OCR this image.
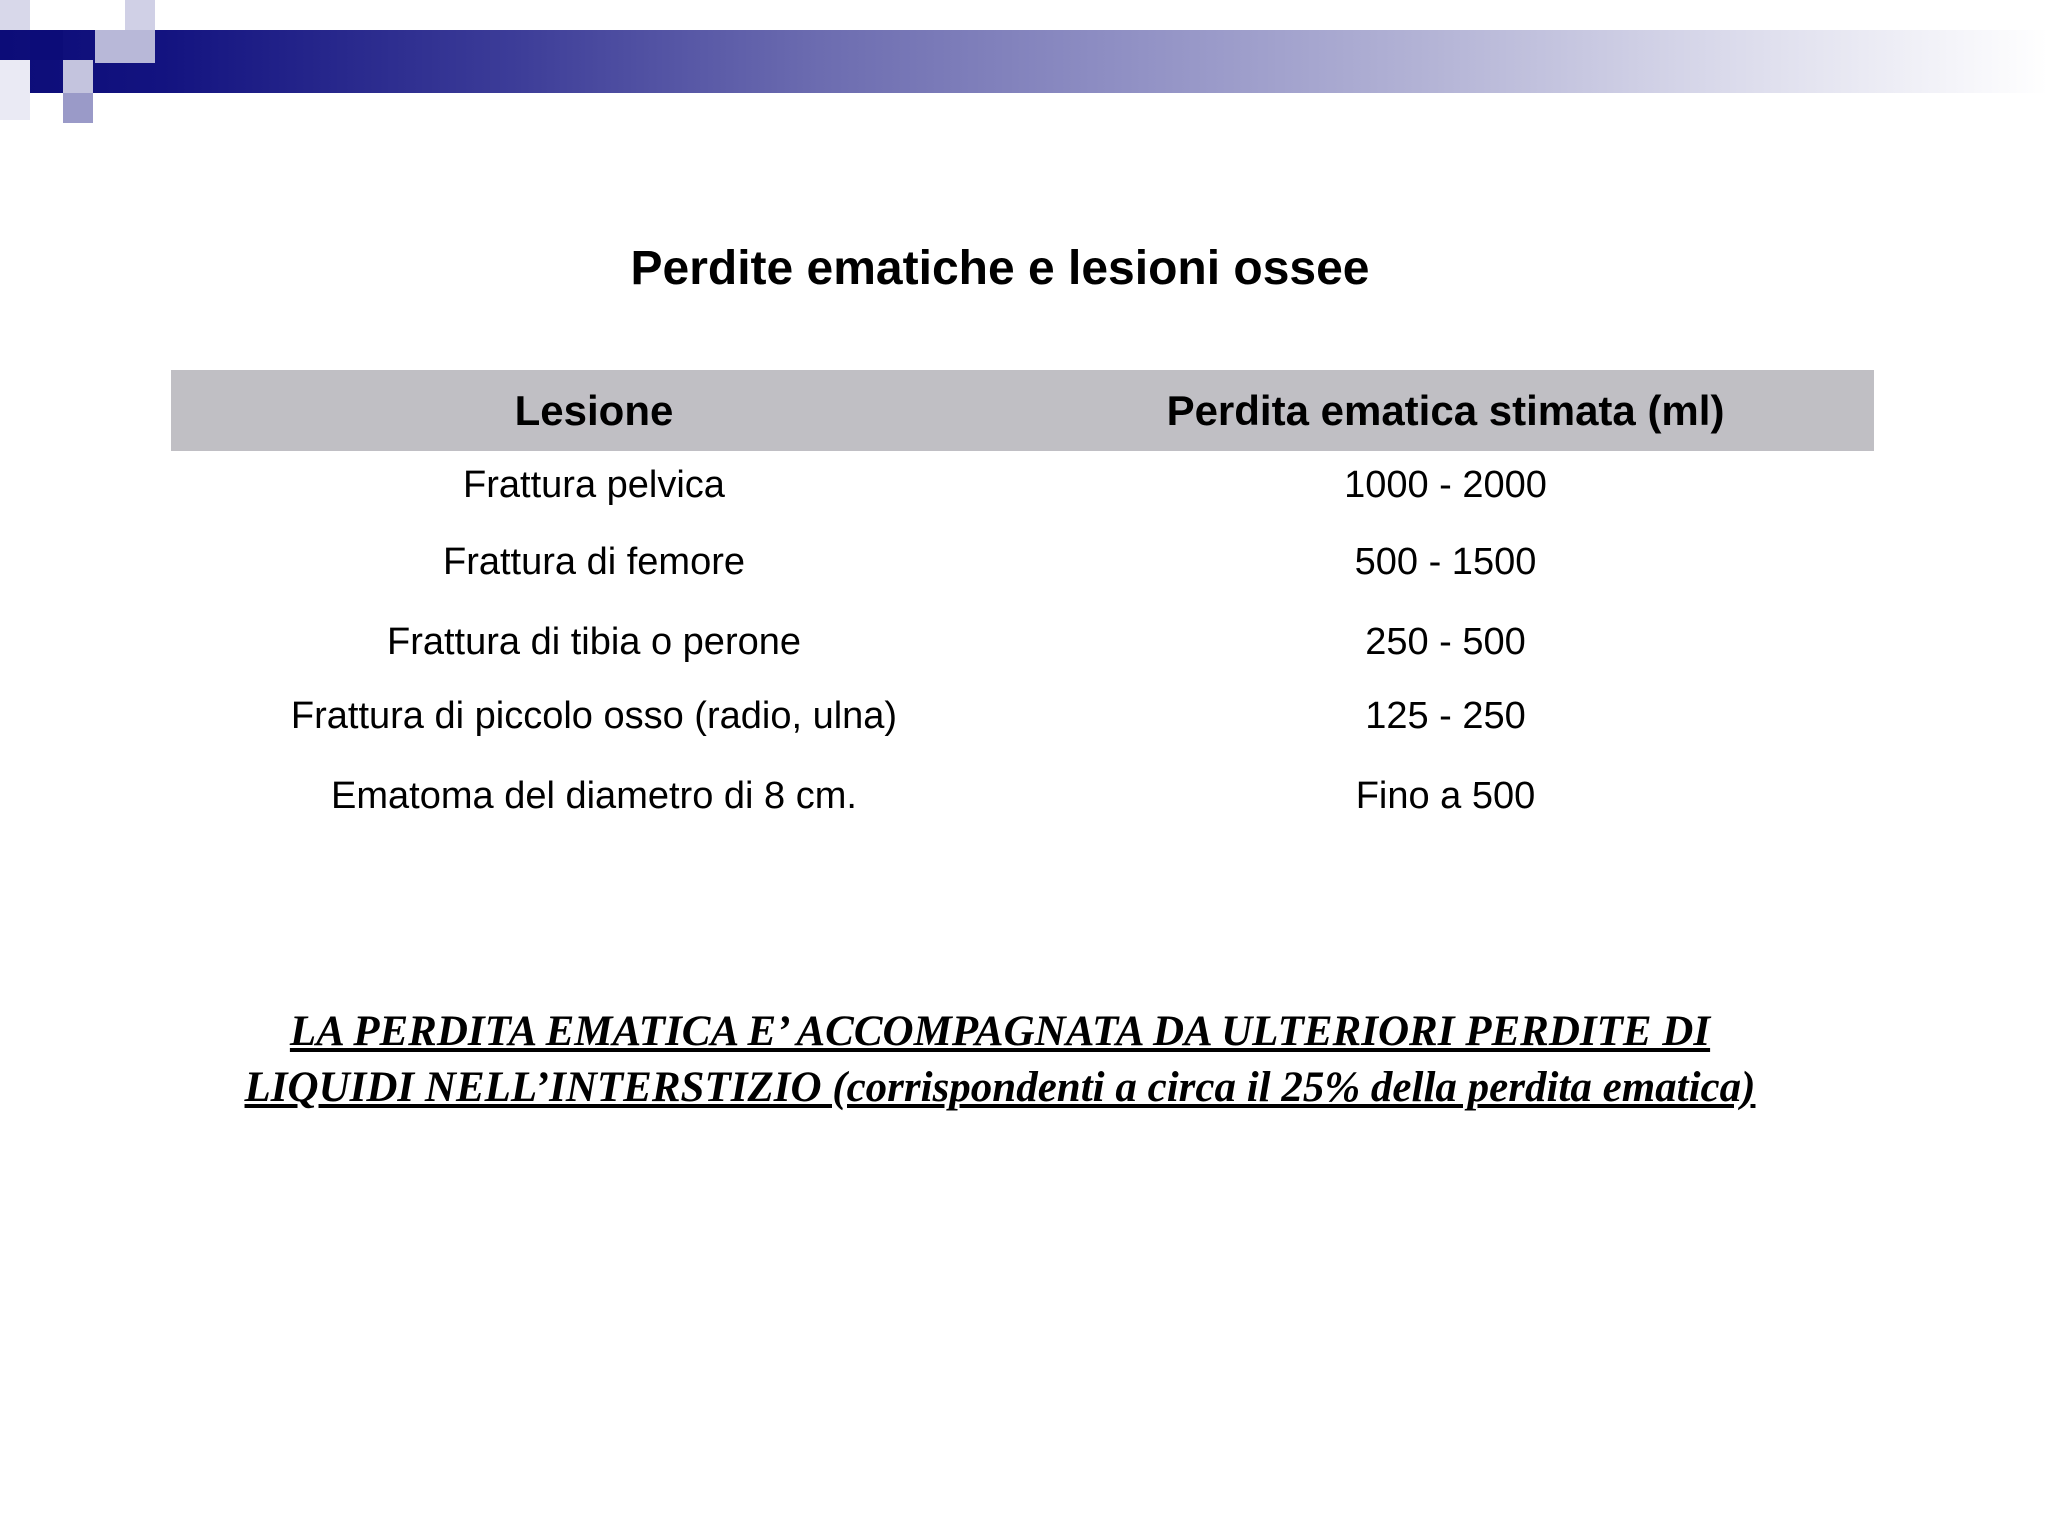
Perdite ematiche e lesioni ossee
Lesione	Perdita ematica stimata (ml)
Frattura pelvica	1000 - 2000
Frattura di femore	500 - 1500
Frattura di tibia o perone	250 - 500
Frattura di piccolo osso (radio, ulna)	125 - 250
Ematoma del diametro di 8 cm.	Fino a 500
LA PERDITA EMATICA E’ ACCOMPAGNATA DA ULTERIORI PERDITE DI
LIQUIDI NELL’INTERSTIZIO (corrispondenti a circa il 25% della perdita ematica)
